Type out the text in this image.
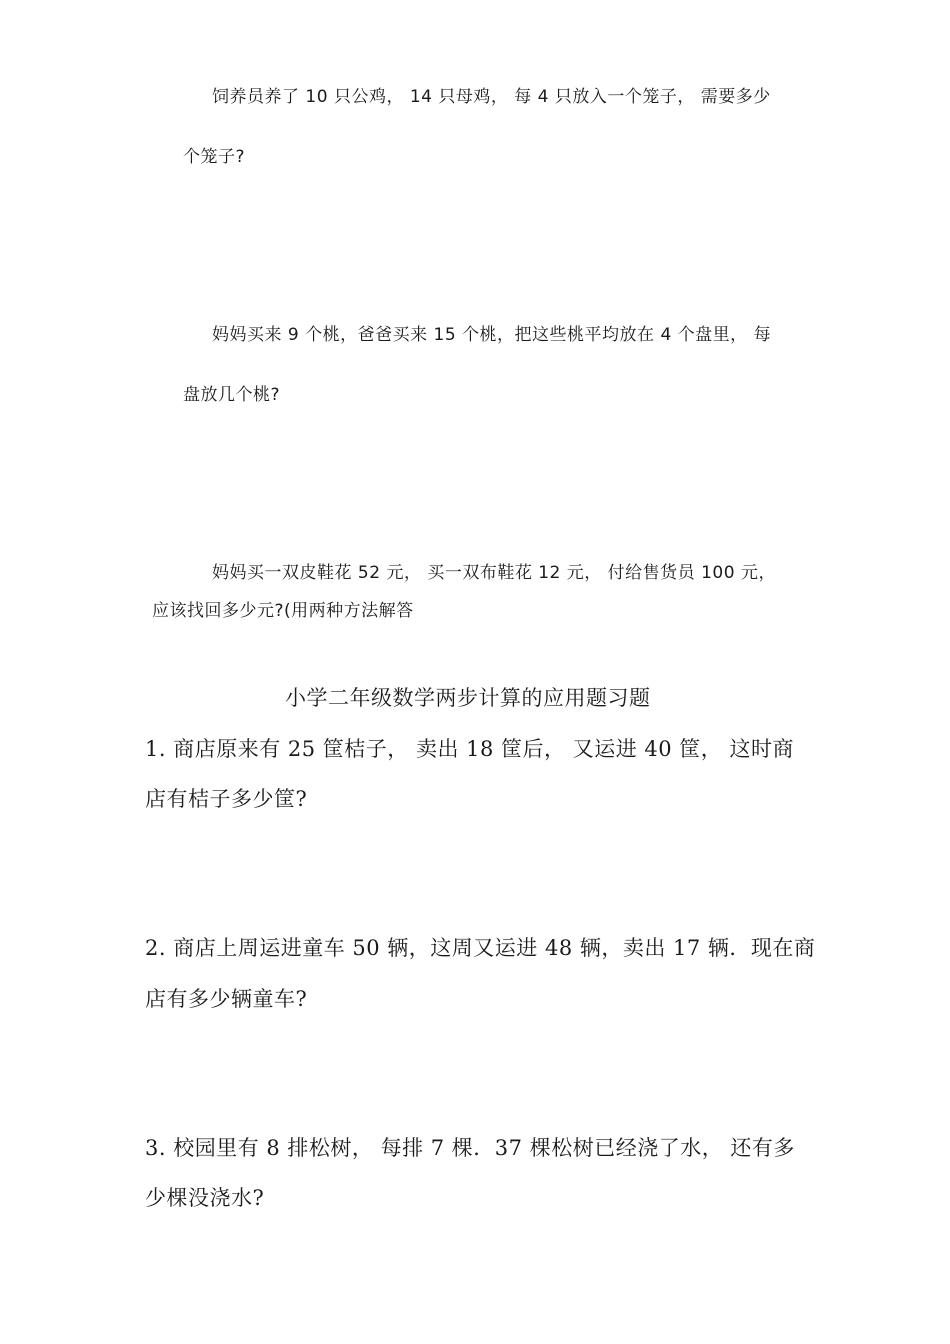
饲养员养了 10 只公鸡， 14 只母鸡， 每 4 只放入一个笼子， 需要多少
个笼子?
妈妈买来 9 个桃，爸爸买来 15 个桃，把这些桃平均放在 4 个盘里， 每
盘放几个桃?
妈妈买一双皮鞋花 52 元， 买一双布鞋花 12 元， 付给售货员 100 元，
应该找回多少元?(用两种方法解答
小学二年级数学两步计算的应用题习题
1. 商店原来有 25 筐桔子， 卖出 18 筐后， 又运进 40 筐， 这时商
店有桔子多少筐?
2. 商店上周运进童车 50 辆，这周又运进 48 辆，卖出 17 辆．现在商
店有多少辆童车?
3. 校园里有 8 排松树， 每排 7 棵．37 棵松树已经浇了水， 还有多
少棵没浇水?
